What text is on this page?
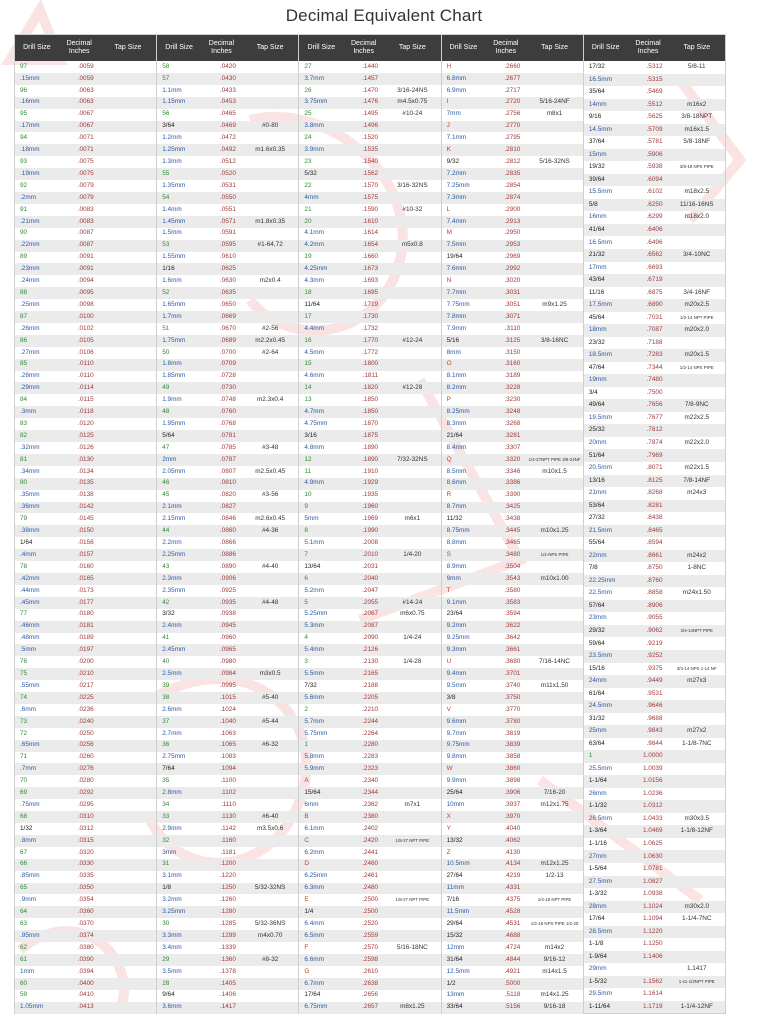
Decimal Equivalent Chart
Drill Size
Decimal Inches
Tap Size
97	.0059
.15mm	.0059
96	.0063
.16mm	.0063
95	.0067
.17mm	.0067
94	.0071
.18mm	.0071
93	.0075
.19mm	.0075
92	.0079
.2mm	.0079
91	.0083
.21mm	.0083
90	.0087
.22mm	.0087
89	.0091
.23mm	.0091
.24mm	.0094
88	.0095
.25mm	.0098
87	.0100
.26mm	.0102
86	.0105
.27mm	.0106
85	.0110
.28mm	.0110
.29mm	.0114
84	.0115
.3mm	.0118
83	.0120
82	.0125
.32mm	.0126
81	.0130
.34mm	.0134
80	.0135
.35mm	.0138
.36mm	.0142
79	.0145
.38mm	.0150
1/64	.0156
.4mm	.0157
78	.0160
.42mm	.0165
.44mm	.0173
.45mm	.0177
77	.0180
.46mm	.0181
.48mm	.0189
.5mm	.0197
76	.0200
75	.0210
.55mm	.0217
74	.0225
.6mm	.0236
73	.0240
72	.0250
.65mm	.0256
71	.0260
.7mm	.0276
70	.0280
69	.0292
.75mm	.0295
68	.0310
1/32	.0312
.8mm	.0315
67	.0320
66	.0330
.85mm	.0335
65	.0350
.9mm	.0354
64	.0360
63	.0370
.95mm	.0374
62	.0380
61	.0390
1mm	.0394
60	.0400
59	.0410
1.05mm	.0413
Drill Size
Decimal Inches
Tap Size
58	.0420
57	.0430
1.1mm	.0433
1.15mm	.0453
56	.0465
3/64	.0469	#0-80
1.2mm	.0472
1.25mm	.0492	m1.6x0.35
1.3mm	.0512
55	.0520
1.35mm	.0531
54	.0550
1.4mm	.0551
1.45mm	.0571	m1.8x0.35
1.5mm	.0591
53	.0595	#1-64,72
1.55mm	.0610
1/16	.0625
1.6mm	.0630	m2x0.4
52	.0635
1.65mm	.0650
1.7mm	.0669
51	.0670	#2-56
1.75mm	.0689	m2.2x0.45
50	.0700	#2-64
1.8mm	.0709
1.85mm	.0728
49	.0730
1.9mm	.0748	m2.3x0.4
48	.0760
1.95mm	.0768
5/64	.0781
47	.0785	#3-48
2mm	.0787
2.05mm	.0807	m2.5x0.45
46	.0810
45	.0820	#3-56
2.1mm	.0827
2.15mm	.0846	m2.6x0.45
44	.0860	#4-36
2.2mm	.0866
2.25mm	.0886
43	.0890	#4-40
2.3mm	.0906
2.35mm	.0925
42	.0935	#4-48
3/32	.0938
2.4mm	.0945
41	.0960
2.45mm	.0965
40	.0980
2.5mm	.0984	m3x0.5
39	.0995
38	.1015	#5-40
2.6mm	.1024
37	.1040	#5-44
2.7mm	.1063
36	.1065	#6-32
2.75mm	.1083
7/64	.1094
35	.1100
2.8mm	.1102
34	.1110
33	.1130	#6-40
2.9mm	.1142	m3.5x0.6
32	.1160
3mm	.1181
31	.1200
3.1mm	.1220
1/8	.1250	5/32-32NS
3.2mm	.1260
3.25mm	.1280
30	.1285	5/32-36NS
3.3mm	.1299	m4x0.70
3.4mm	.1339
29	.1360	#8-32
3.5mm	.1378
28	.1405
9/64	.1406
3.6mm	.1417
Drill Size
Decimal Inches
Tap Size
27	.1440
3.7mm	.1457
26	.1470	3/16-24NS
3.75mm	.1476	m4.5x0.75
25	.1495	#10-24
3.8mm	.1496
24	.1520
3.9mm	.1535
23	.1540
5/32	.1562
22	.1570	3/16-32NS
4mm	.1575
21	.1590	#10-32
20	.1610
4.1mm	.1614
4.2mm	.1654	m5x0.8
19	.1660
4.25mm	.1673
4.3mm	.1693
18	.1695
11/64	.1719
17	.1730
4.4mm	.1732
16	.1770	#12-24
4.5mm	.1772
15	.1800
4.6mm	.1811
14	.1820	#12-28
13	.1850
4.7mm	.1850
4.75mm	.1870
3/16	.1875
4.8mm	.1890
12	.1890	7/32-32NS
11	.1910
4.9mm	.1929
10	.1935
9	.1960
5mm	.1969	m6x1
8	.1990
5.1mm	.2008
7	.2010	1/4-20
13/64	.2031
6	.2040
5.2mm	.2047
5	.2055	#14-24
5.25mm	.2067	m6x0.75
5.3mm	.2087
4	.2090	1/4-24
5.4mm	.2126
3	.2130	1/4-28
5.5mm	.2165
7/32	.2188
5.6mm	.2205
2	.2210
5.7mm	.2244
5.75mm	.2264
1	.2280
5.8mm	.2283
5.9mm	.2323
A	.2340
15/64	.2344
6mm	.2362	m7x1
B	.2380
6.1mm	.2402
C	.2420	1/8-27 NPT PIPE
6.2mm	.2441
D	.2460
6.25mm	.2461
6.3mm	.2480
E	.2500	1/8-27 NPT PIPE
1/4	.2500
6.4mm	.2520
6.5mm	.2559
F	.2570	5/16-18NC
6.6mm	.2598
G	.2610
6.7mm	.2638
17/64	.2656
6.75mm	.2657	m8x1.25
Drill Size
Decimal Inches
Tap Size
H	.2660
6.8mm	.2677
6.9mm	.2717
I	.2720	5/16-24NF
7mm	.2756	m8x1
J	.2770
7.1mm	.2795
K	.2810
9/32	.2812	5/16-32NS
7.2mm	.2835
7.25mm	.2854
7.3mm	.2874
L	.2900
7.4mm	.2913
M	.2950
7.5mm	.2953
19/64	.2969
7.6mm	.2992
N	.3020
7.7mm	.3031
7.75mm	.3051	m9x1.25
7.8mm	.3071
7.9mm	.3110
5/16	.3125	3/8-16NC
8mm	.3150
O	.3160
8.1mm	.3189
8.2mm	.3228
P	.3230
8.25mm	.3248
8.3mm	.3268
21/64	.3281
8.4mm	.3307
Q	.3320	1/4-27NPT PIPE 3/8-24NF
8.5mm	.3346	m10x1.5
8.6mm	.3386
R	.3390
8.7mm	.3425
11/32	.3438
8.75mm	.3445	m10x1.25
8.8mm	.3465
S	.3480	1/4-NPS PIPE
8.9mm	.3504
9mm	.3543	m10x1.00
T	.3580
9.1mm	.3583
23/64	.3594
9.2mm	.3622
9.25mm	.3642
9.3mm	.3661
U	.3680	7/16-14NC
9.4mm	.3701
9.5mm	.3740	m11x1.50
3/8	.3750
V	.3770
9.6mm	.3780
9.7mm	.3819
9.75mm	.3839
9.8mm	.3858
W	.3860
9.9mm	.3898
25/64	.3906	7/16-20
10mm	.3937	m12x1.75
X	.3970
Y	.4040
13/32	.4062
Z	.4130
10.5mm	.4134	m12x1.25
27/64	.4219	1/2-13
11mm	.4331
7/16	.4375	1/4-18 NPT PIPE
11.5mm	.4528
29/64	.4531	1/2-18 NPS PIPE 1/2-20
15/32	.4688
12mm	.4724	m14x2
31/64	.4844	9/16-12
12.5mm	.4921	m14x1.5
1/2	.5000
13mm	.5118	m14x1.25
33/64	.5156	9/16-18
Drill Size
Decimal Inches
Tap Size
17/32	.5312	5/8-11
16.5mm	.5315
35/64	.5469
14mm	.5512	m16x2
9/16	.5625	3/8-18NPT
14.5mm	.5709	m16x1.5
37/64	.5781	5/8-18NF
15mm	.5906
19/32	.5938	3/8-18 NPS PIPE
39/64	.6094
15.5mm	.6102	m18x2.5
5/8	.6250	11/16-16NS
16mm	.6299	m18x2.0
41/64	.6406
16.5mm	.6496
21/32	.6562	3/4-10NC
17mm	.6693
43/64	.6719
11/16	.6875	3/4-16NF
17.5mm	.6890	m20x2.5
45/64	.7031	1/2-14 NPT PIPE
18mm	.7087	m20x2.0
23/32	.7188
18.5mm	.7283	m20x1.5
47/64	.7344	1/2-14 NPS PIPE
19mm	.7480
3/4	.7500
49/64	.7656	7/8-9NC
19.5mm	.7677	m22x2.5
25/32	.7812
20mm	.7874	m22x2.0
51/64	.7969
20.5mm	.8071	m22x1.5
13/16	.8125	7/8-14NF
21mm	.8268	m24x3
53/64	.8281
27/32	.8438
21.5mm	.8465
55/64	.8594
22mm	.8661	m24x2
7/8	.8750	1-8NC
22.25mm	.8760
22.5mm	.8858	m24x1.50
57/64	.8906
23mm	.9055
29/32	.9062	3/4-14NPT PIPE
59/64	.9219
23.5mm	.9252
15/16	.9375	3/4-14 NPS 1-14 NF
24mm	.9449	m27x3
61/64	.9531
24.5mm	.9646
31/32	.9688
25mm	.9843	m27x2
63/64	.9844	1-1/8-7NC
1	1.0000
25.5mm	1.0039
1-1/64	1.0156
26mm	1.0236
1-1/32	1.0312
26.5mm	1.0433	m30x3.5
1-3/64	1.0469	1-1/8-12NF
1-1/16	1.0625
27mm	1.0630
1-5/64	1.0781
27.5mm	1.0827
1-3/32	1.0938
28mm	1.1024	m30x2.0
17/64	1.1094	1-1/4-7NC
28.5mm	1.1220
1-1/8	1.1250
1-9/64	1.1406
29mm	1.1417
1-5/32	1.1562	1-11-1/2NPT PIPE
29.5mm	1.1614
1-11/64	1.1719	1-1/4-12NF
